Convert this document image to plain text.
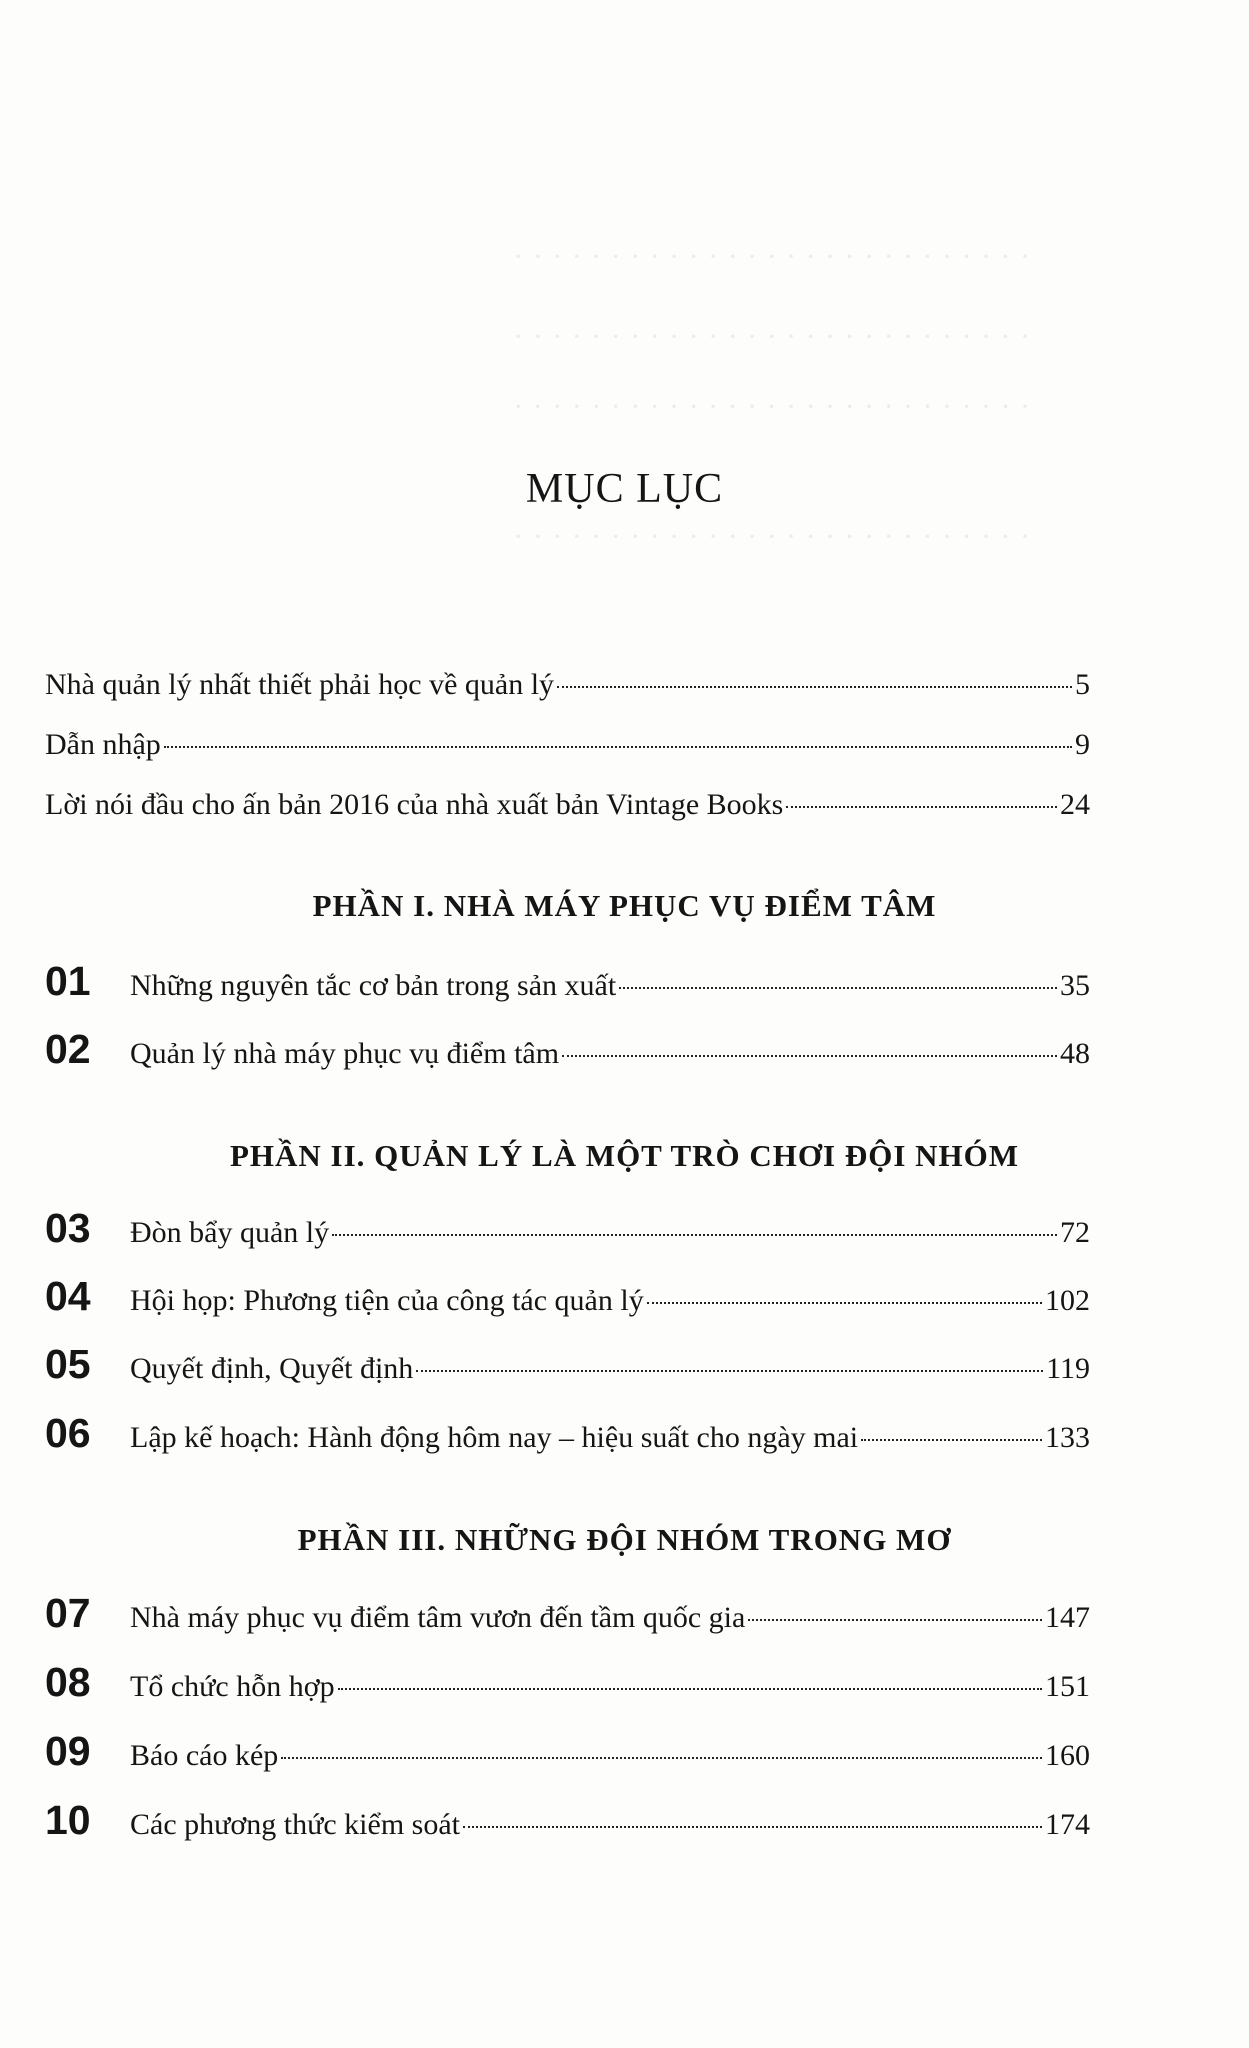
· · · · · · · · · · · · · · · · · · · · · · · · · · ·
· · · · · · · · · · · · · · · · · · · · · · · · · · ·
· · · · · · · · · · · · · · · · · · · · · · · · · · ·
· · · · · · · · · · · · · · · · · · · · · · · · · · ·
MỤC LỤC
Nhà quản lý nhất thiết phải học về quản lý	5
Dẫn nhập	9
Lời nói đầu cho ấn bản 2016 của nhà xuất bản Vintage Books	24
PHẦN I. NHÀ MÁY PHỤC VỤ ĐIỂM TÂM
01	Những nguyên tắc cơ bản trong sản xuất	35
02	Quản lý nhà máy phục vụ điểm tâm	48
PHẦN II. QUẢN LÝ LÀ MỘT TRÒ CHƠI ĐỘI NHÓM
03	Đòn bẩy quản lý	72
04	Hội họp: Phương tiện của công tác quản lý	102
05	Quyết định, Quyết định	119
06	Lập kế hoạch: Hành động hôm nay – hiệu suất cho ngày mai	133
PHẦN III. NHỮNG ĐỘI NHÓM TRONG MƠ
07	Nhà máy phục vụ điểm tâm vươn đến tầm quốc gia	147
08	Tổ chức hỗn hợp	151
09	Báo cáo kép	160
10	Các phương thức kiểm soát	174
